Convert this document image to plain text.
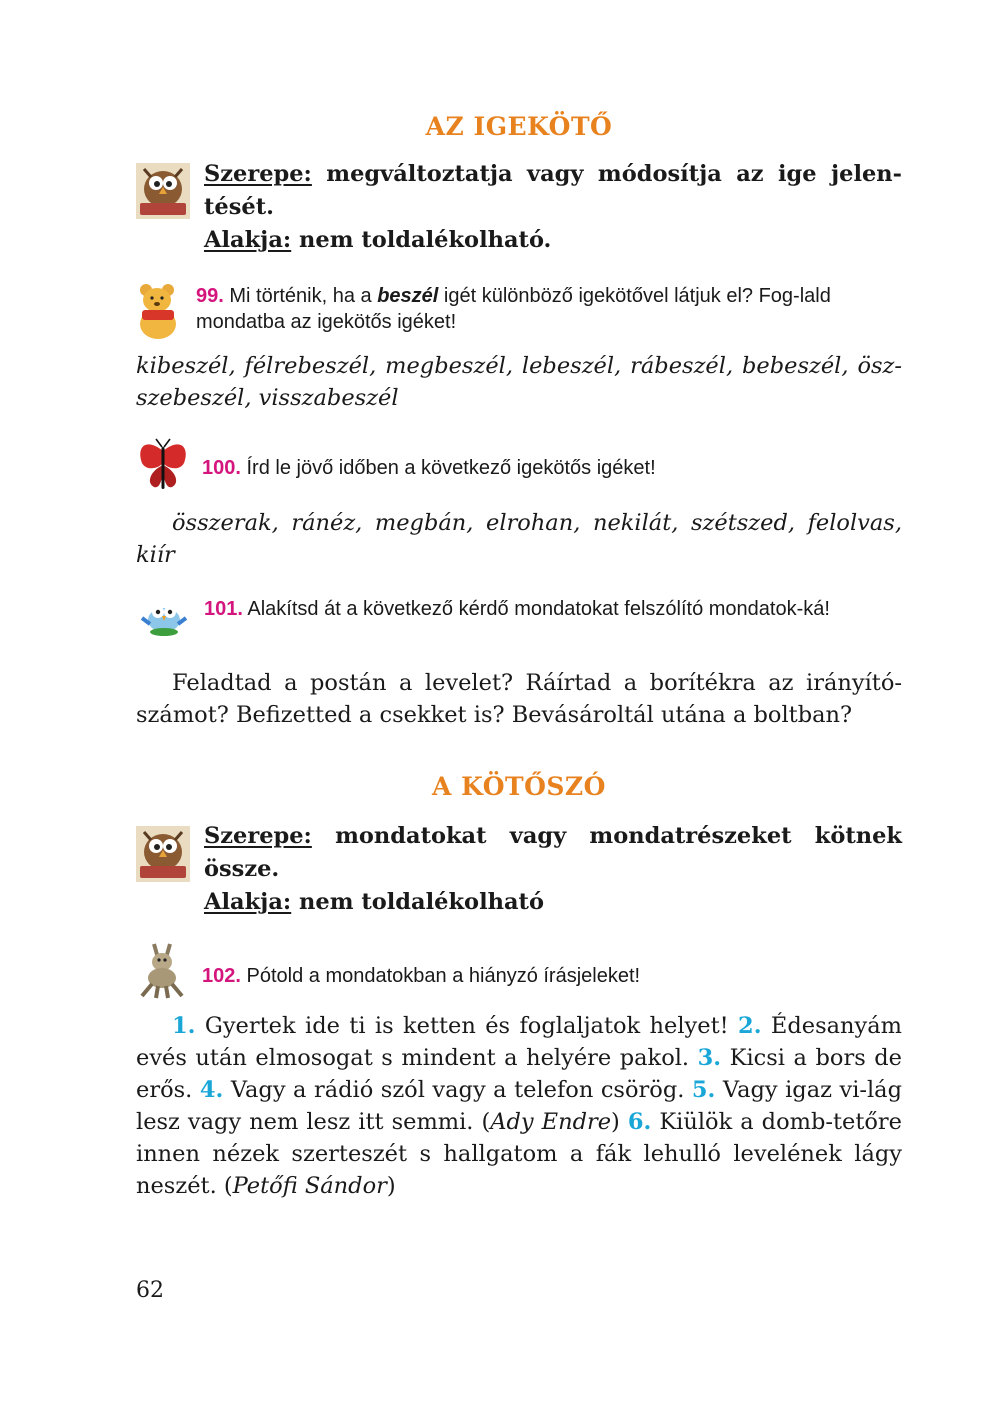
AZ IGEKÖTŐ
Szerepe: megváltoztatja vagy módosítja az ige jelen-tését.
Alakja: nem toldalékolható.
99. Mi történik, ha a beszél igét különböző igekötővel látjuk el? Fog-lald mondatba az igekötős igéket!
kibeszél, félrebeszél, megbeszél, lebeszél, rábeszél, bebeszél, ösz-szebeszél, visszabeszél
100. Írd le jövő időben a következő igekötős igéket!
összerak, ránéz, megbán, elrohan, nekilát, szétszed, felolvas, kiír
101. Alakítsd át a következő kérdő mondatokat felszólító mondatok-ká!
Feladtad a postán a levelet? Ráírtad a borítékra az irányító-számot? Befizetted a csekket is? Bevásároltál utána a boltban?
A KÖTŐSZÓ
Szerepe: mondatokat vagy mondatrészeket kötnek össze.
Alakja: nem toldalékolható
102. Pótold a mondatokban a hiányzó írásjeleket!
1. Gyertek ide ti is ketten és foglaljatok helyet! 2. Édesanyám evés után elmosogat s mindent a helyére pakol. 3. Kicsi a bors de erős. 4. Vagy a rádió szól vagy a telefon csörög. 5. Vagy igaz vi-lág lesz vagy nem lesz itt semmi. (Ady Endre) 6. Kiülök a domb-tetőre innen nézek szerteszét s hallgatom a fák lehulló levelének lágy neszét. (Petőfi Sándor)
62
